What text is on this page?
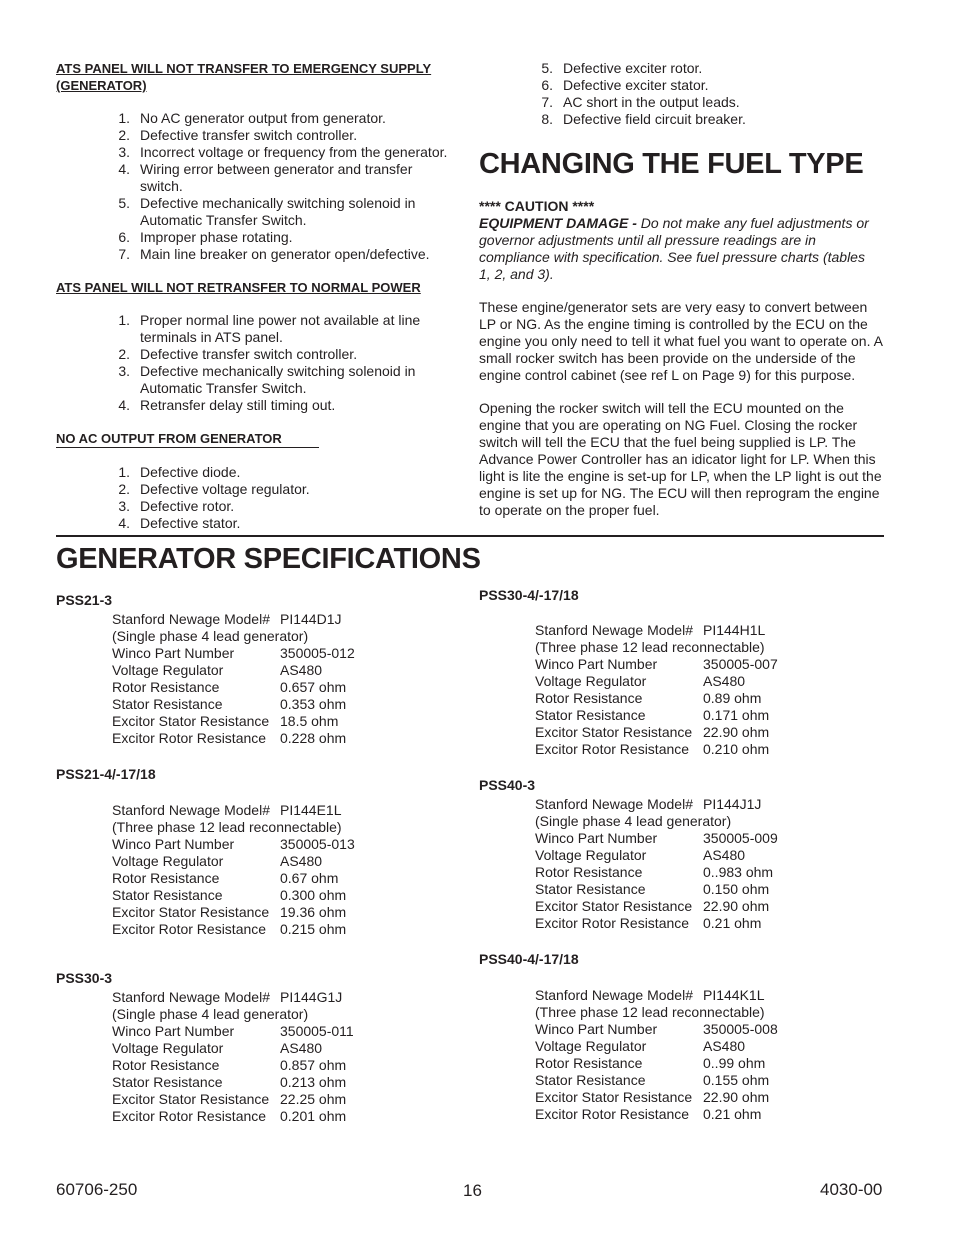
ATS PANEL WILL NOT TRANSFER TO EMERGENCY SUPPLY (GENERATOR)
1. No AC generator output from generator.
2. Defective transfer switch controller.
3. Incorrect voltage or frequency from the generator.
4. Wiring error between generator and transfer switch.
5. Defective mechanically switching solenoid in Automatic Transfer Switch.
6. Improper phase rotating.
7. Main line breaker on generator open/defective.
ATS PANEL WILL NOT RETRANSFER TO NORMAL POWER
1. Proper normal line power not available at line terminals in ATS panel.
2. Defective transfer switch controller.
3. Defective mechanically switching solenoid in Automatic Transfer Switch.
4. Retransfer delay still timing out.
NO AC OUTPUT FROM GENERATOR
1. Defective diode.
2. Defective voltage regulator.
3. Defective rotor.
4. Defective stator.
5. Defective exciter rotor.
6. Defective exciter stator.
7. AC short in the output leads.
8. Defective field circuit breaker.
CHANGING THE FUEL TYPE
**** CAUTION ****
EQUIPMENT DAMAGE - Do not make any fuel adjustments or governor adjustments until all pressure readings are in compliance with specification. See fuel pressure charts (tables 1, 2, and 3).
These engine/generator sets are very easy to convert between LP or NG. As the engine timing is controlled by the ECU on the engine you only need to tell it what fuel you want to operate on. A small rocker switch has been provide on the underside of the engine control cabinet (see ref L on Page 9) for this purpose.
Opening the rocker switch will tell the ECU mounted on the engine that you are operating on NG Fuel. Closing the rocker switch will tell the ECU that the fuel being supplied is LP. The Advance Power Controller has an idicator light for LP. When this light is lite the engine is set-up for LP, when the LP light is out the engine is set up for NG. The ECU will then reprogram the engine to operate on the proper fuel.
GENERATOR SPECIFICATIONS
PSS21-3
Stanford Newage Model# PI144D1J
(Single phase 4 lead generator)
Winco Part Number	350005-012
Voltage Regulator	AS480
Rotor Resistance	0.657 ohm
Stator Resistance	0.353 ohm
Excitor Stator Resistance 18.5 ohm
Excitor Rotor Resistance 0.228 ohm
PSS21-4/-17/18
Stanford Newage Model# PI144E1L
(Three phase 12 lead reconnectable)
Winco Part Number	350005-013
Voltage Regulator	AS480
Rotor Resistance	0.67 ohm
Stator Resistance	0.300 ohm
Excitor Stator Resistance 19.36 ohm
Excitor Rotor Resistance 0.215 ohm
PSS30-3
Stanford Newage Model# PI144G1J
(Single phase 4 lead generator)
Winco Part Number	350005-011
Voltage Regulator	AS480
Rotor Resistance	0.857 ohm
Stator Resistance	0.213 ohm
Excitor Stator Resistance 22.25 ohm
Excitor Rotor Resistance 0.201 ohm
PSS30-4/-17/18
Stanford Newage Model# PI144H1L
(Three phase 12 lead reconnectable)
Winco Part Number	350005-007
Voltage Regulator	AS480
Rotor Resistance	0.89 ohm
Stator Resistance	0.171 ohm
Excitor Stator Resistance 22.90 ohm
Excitor Rotor Resistance 0.210 ohm
PSS40-3
Stanford Newage Model# PI144J1J
(Single phase 4 lead generator)
Winco Part Number	350005-009
Voltage Regulator	AS480
Rotor Resistance	0..983 ohm
Stator Resistance	0.150 ohm
Excitor Stator Resistance 22.90 ohm
Excitor Rotor Resistance 0.21 ohm
PSS40-4/-17/18
Stanford Newage Model# PI144K1L
(Three phase 12 lead reconnectable)
Winco Part Number	350005-008
Voltage Regulator	AS480
Rotor Resistance	0..99 ohm
Stator Resistance	0.155 ohm
Excitor Stator Resistance 22.90 ohm
Excitor Rotor Resistance 0.21 ohm
60706-250	16	4030-00
